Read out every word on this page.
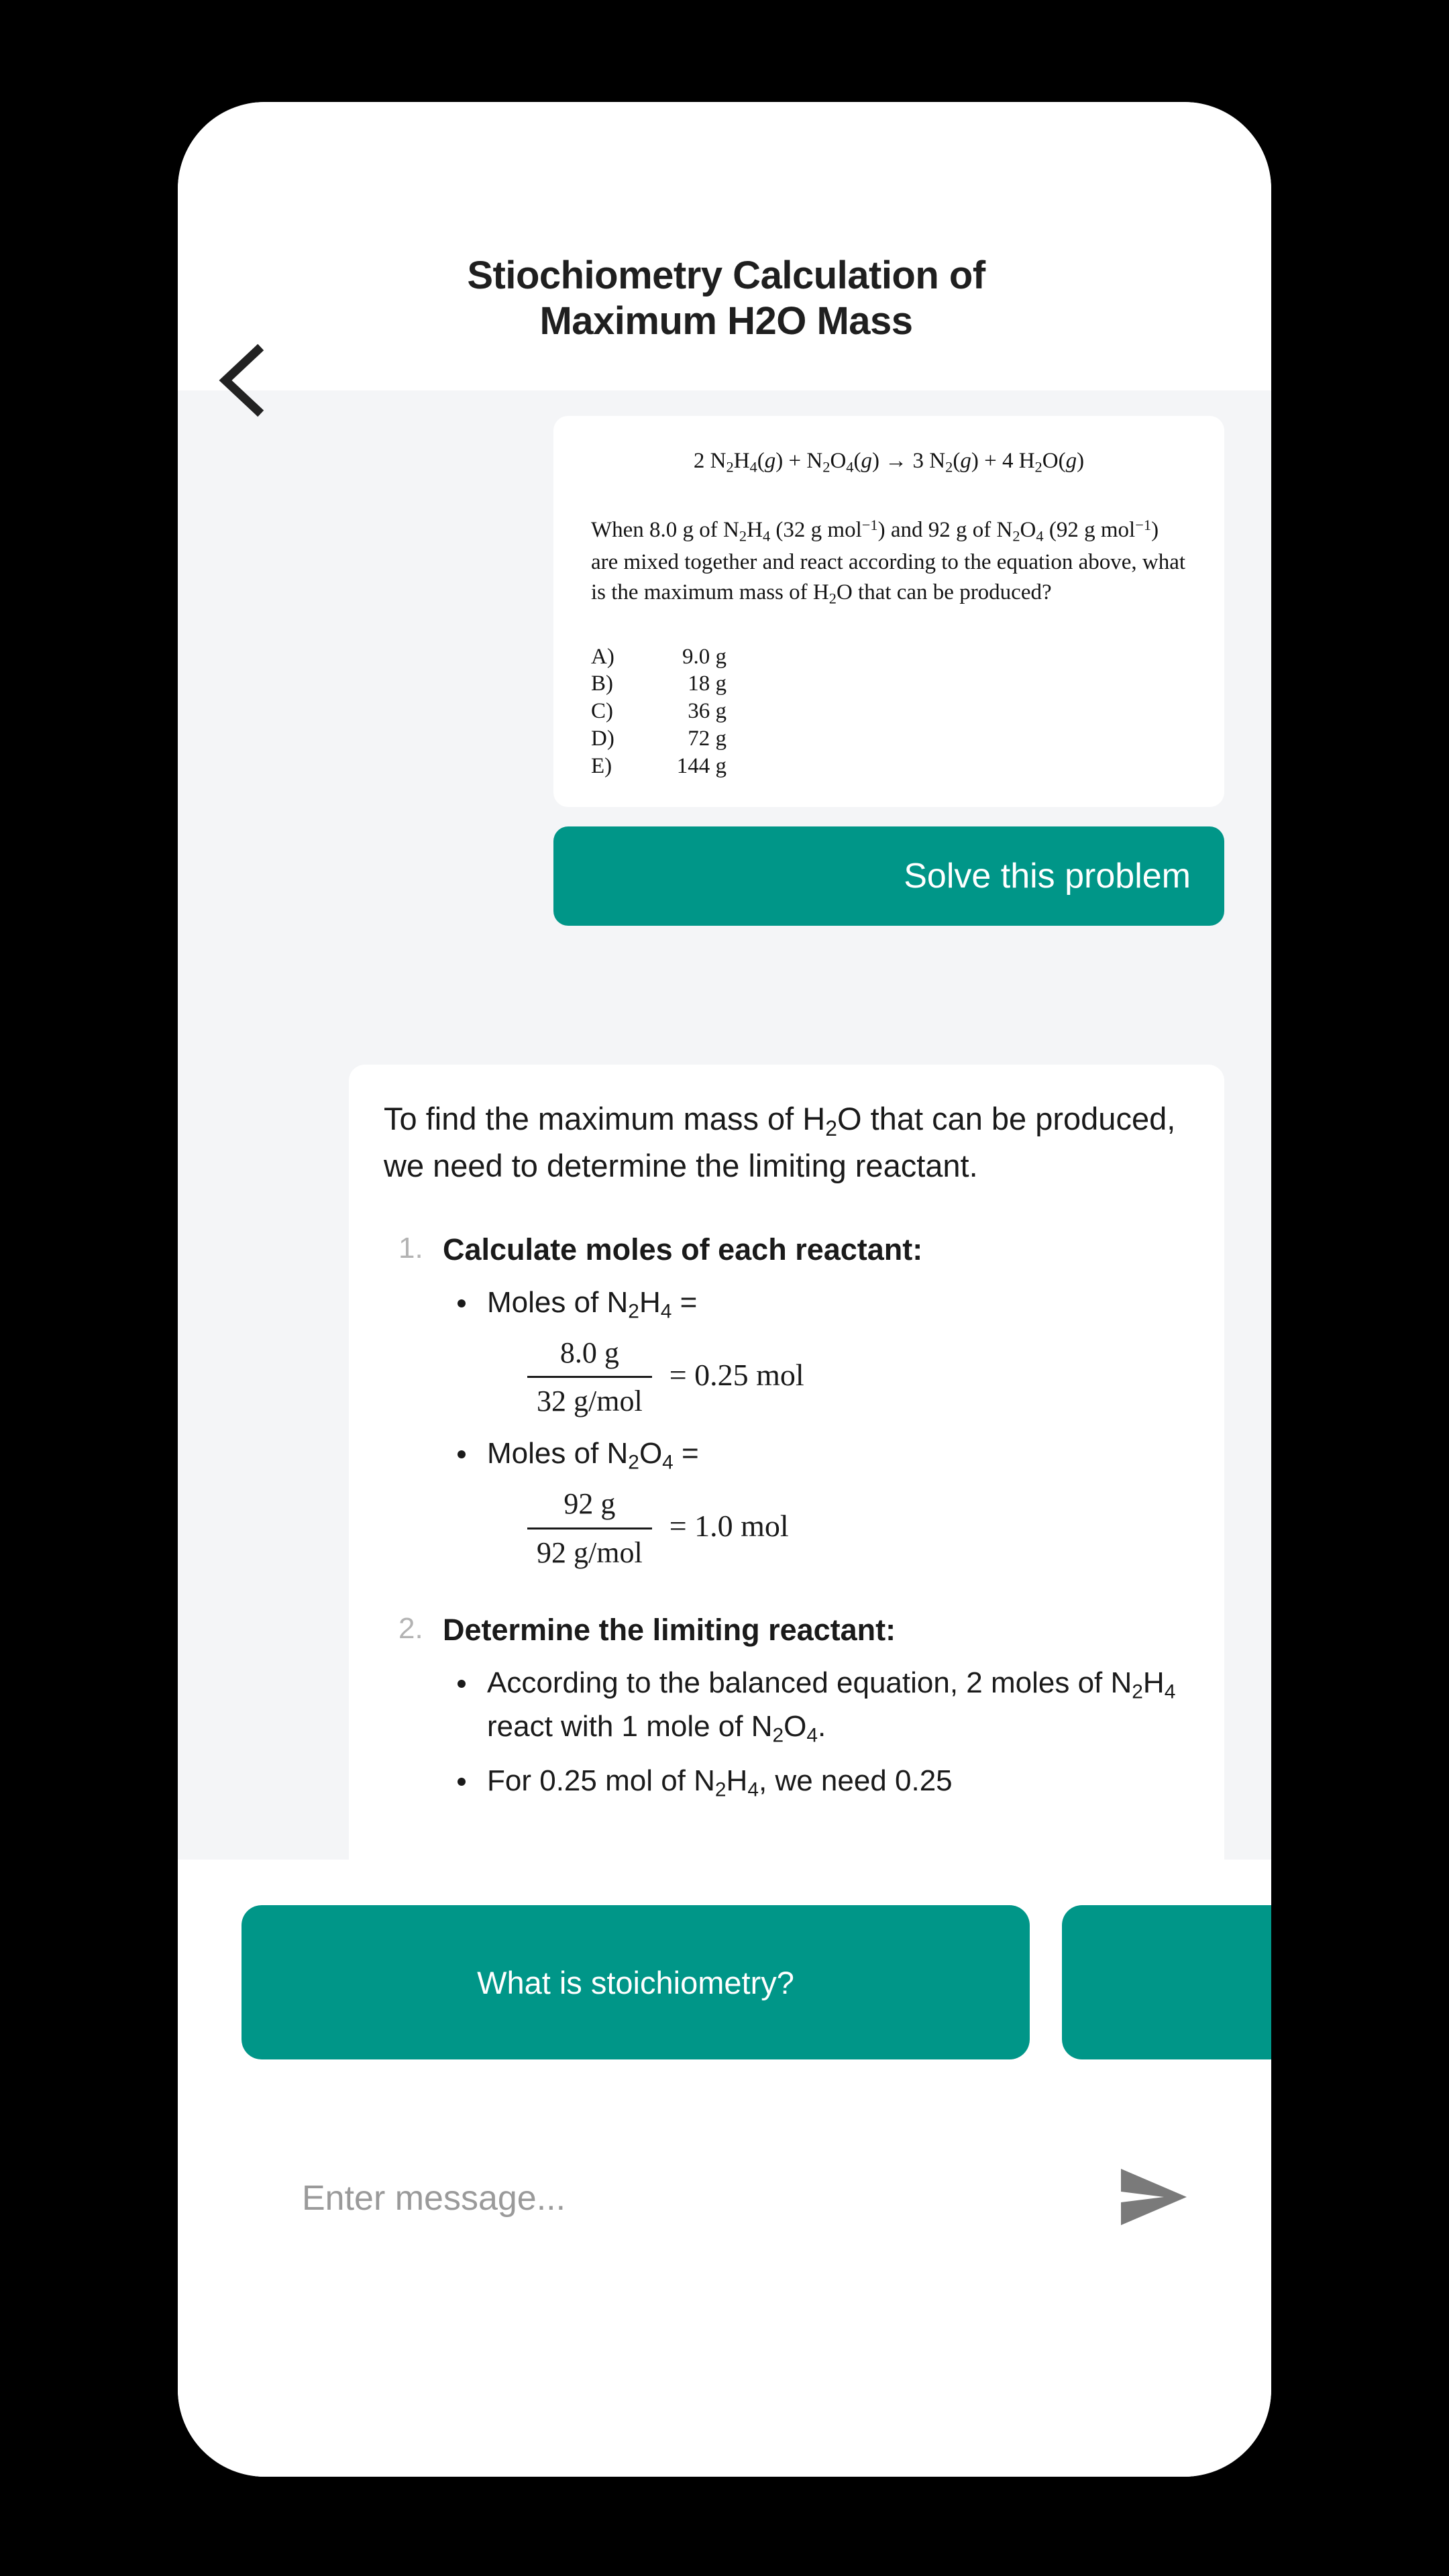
Stiochiometry Calculation of
Maximum H2O Mass
2 $N_2H_4(g) + N_2O_4(g) \to 3$ $N_2(g) + 4$ $H_2O(g)$
When 8.0 g of $N_2H_4$ (32 g mol$^{-1}$) and 92 g of $N_2O_4$ (92 g mol$^{-1}$) are mixed together and react according to the equation above, what is the maximum mass of $H_2O$ that can be produced?
A)	9.0 g
B)	18 g
C)	36 g
D)	72 g
E)	144 g
Solve this problem
To find the maximum mass of $H_2O$ that can be produced, we need to determine the limiting reactant.
Calculate moles of each reactant:
Moles of $N_2H_4$ =
$\frac{8.0 g}{\text{32 g/mol}} = 0.25$ mol
Moles of $N_2O_4$ =
$\frac{92 g}{\text{92 g/mol}} = 1.0$ mol
Determine the limiting reactant:
According to the balanced equation, 2 moles of $N_2H_4$ react with 1 mole of $N_2O_4$.
For 0.25 mol of $N_2H_4$, we need 0.25
What is stoichiometry?
Enter message...
